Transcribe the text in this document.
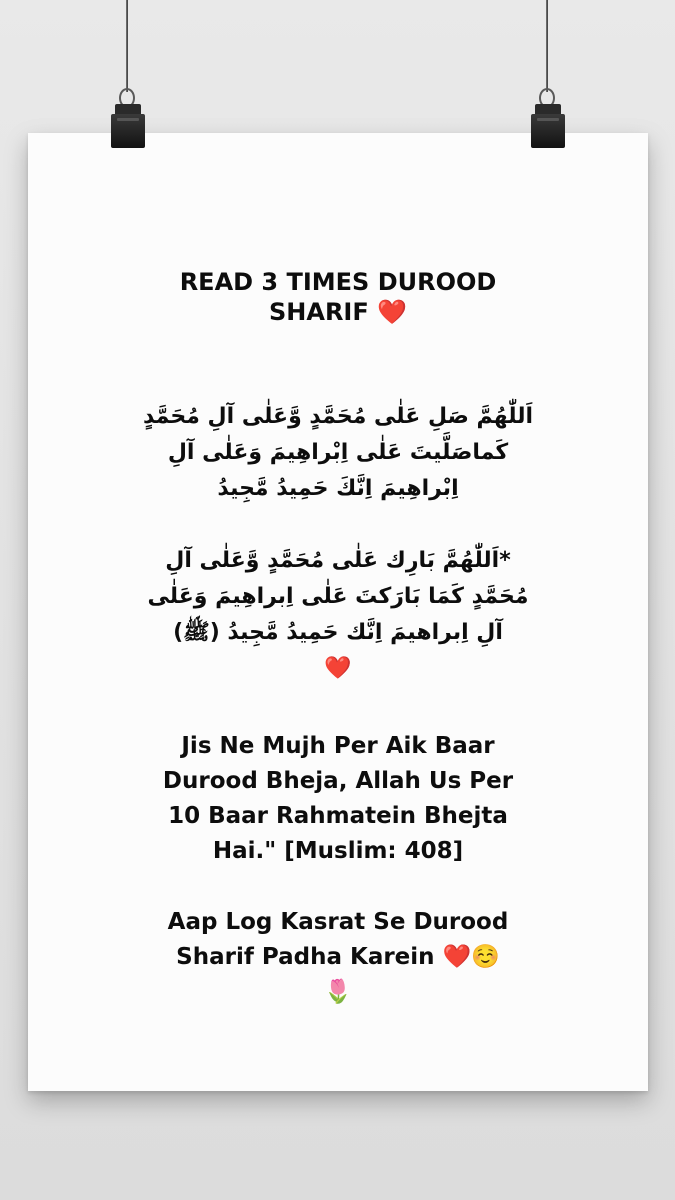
READ 3 TIMES DUROOD
SHARIF ❤️
اَللّٰھُمَّ صَلِ عَلٰی مُحَمَّدٍ وَّعَلٰی آلِ مُحَمَّدٍ
کَماصَلَّیتَ عَلٰی اِبْراھِیمَ وَعَلٰی آلِ
اِبْراھِیمَ اِنَّكَ حَمِیدُ مَّجِیدُ
*اَللّٰھُمَّ بَارِك عَلٰی مُحَمَّدٍ وَّعَلٰی آلِ
مُحَمَّدٍ كَمَا بَارَكتَ عَلٰی اِبراھِیمَ وَعَلٰی
آلِ اِبراھیمَ اِنَّك حَمِیدُ مَّجِیدُ (ﷺ)
❤️
Jis Ne Mujh Per Aik Baar
Durood Bheja, Allah Us Per
10 Baar Rahmatein Bhejta
Hai." [Muslim: 408]
Aap Log Kasrat Se Durood
Sharif Padha Karein ❤️☺️
🌷
